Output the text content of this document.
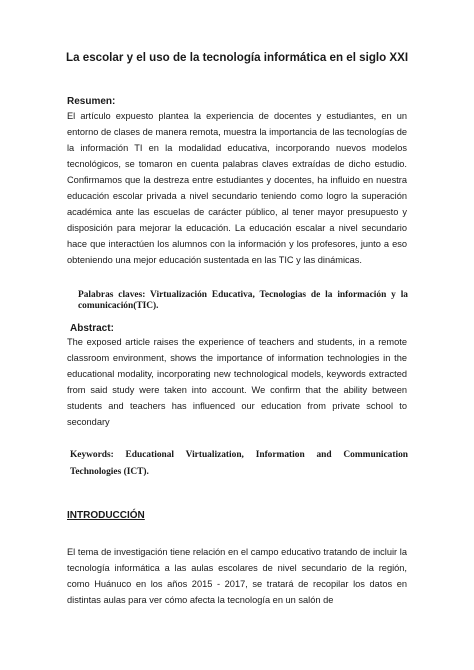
La escolar y el uso de la tecnología informática en el siglo XXI
Resumen:
El artículo expuesto plantea la experiencia de docentes y estudiantes, en un entorno de clases de manera remota, muestra la importancia de las tecnologías de la información TI en la modalidad educativa, incorporando nuevos modelos tecnológicos, se tomaron en cuenta palabras claves extraídas de dicho estudio. Confirmamos que la destreza entre estudiantes y docentes, ha influido en nuestra educación escolar privada a nivel secundario teniendo como logro la superación académica ante las escuelas de carácter público, al tener mayor presupuesto y disposición para mejorar la educación. La educación escalar a nivel secundario hace que interactúen los alumnos con la información y los profesores, junto a eso obteniendo una mejor educación sustentada en las TIC y las dinámicas.
Palabras claves: Virtualización Educativa, Tecnologias de la información y la comunicación(TIC).
Abstract:
The exposed article raises the experience of teachers and students, in a remote classroom environment, shows the importance of information technologies in the educational modality, incorporating new technological models, keywords extracted from said study were taken into account. We confirm that the ability between students and teachers has influenced our education from private school to secondary
Keywords: Educational Virtualization, Information and Communication Technologies (ICT).
INTRODUCCIÓN
El tema de investigación tiene relación en el campo educativo tratando de incluir la tecnología informática a las aulas escolares de nivel secundario de la región, como Huánuco en los años 2015 - 2017, se tratará de recopilar los datos en distintas aulas para ver cómo afecta la tecnología en un salón de
